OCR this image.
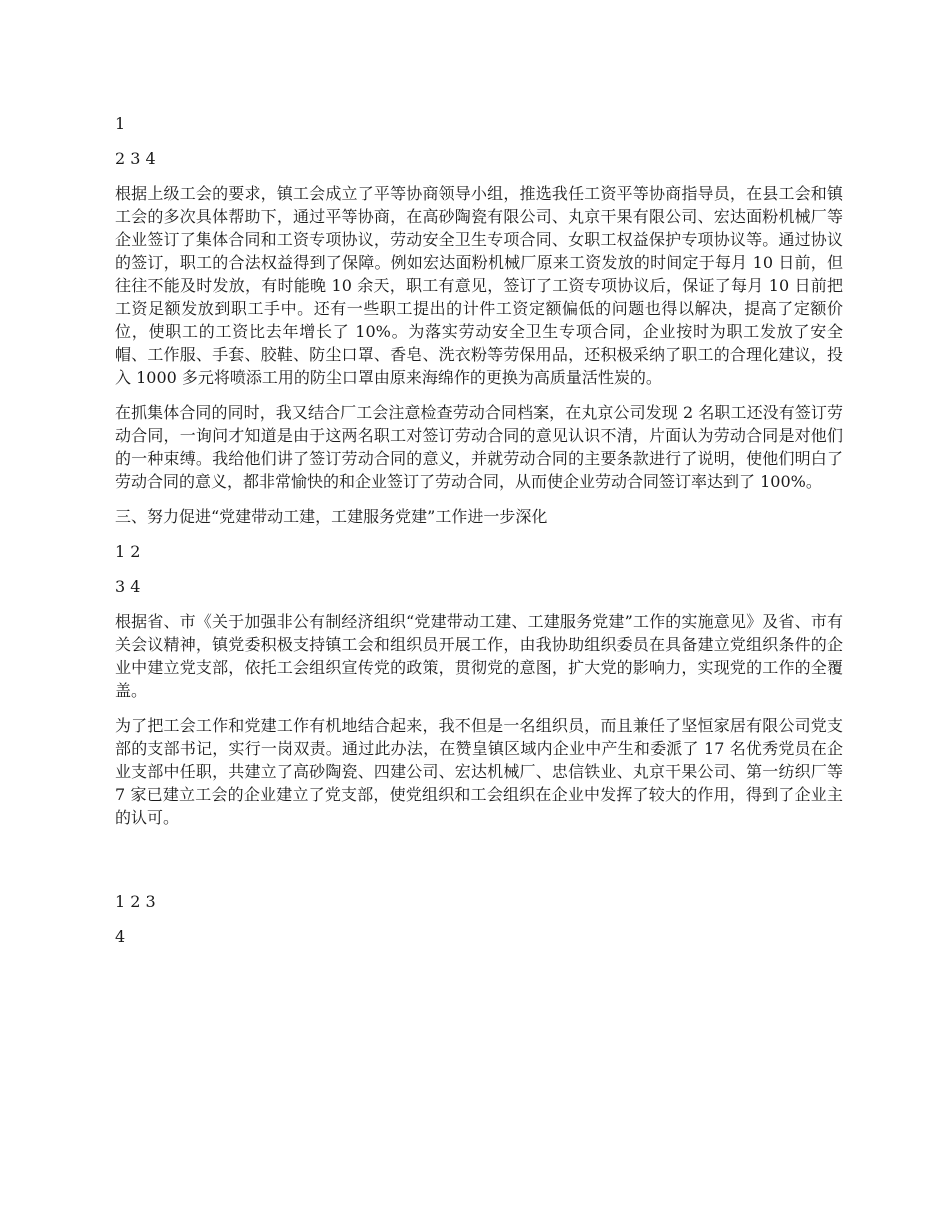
1

2 3 4

根据上级工会的要求，镇工会成立了平等协商领导小组，推选我任工资平等协商指导员，在县工会和镇工会的多次具体帮助下，通过平等协商，在高砂陶瓷有限公司、丸京干果有限公司、宏达面粉机械厂等企业签订了集体合同和工资专项协议，劳动安全卫生专项合同、女职工权益保护专项协议等。通过协议的签订，职工的合法权益得到了保障。例如宏达面粉机械厂原来工资发放的时间定于每月 10 日前，但往往不能及时发放，有时能晚 10 余天，职工有意见，签订了工资专项协议后，保证了每月 10 日前把工资足额发放到职工手中。还有一些职工提出的计件工资定额偏低的问题也得以解决，提高了定额价位，使职工的工资比去年增长了 10%。为落实劳动安全卫生专项合同，企业按时为职工发放了安全帽、工作服、手套、胶鞋、防尘口罩、香皂、洗衣粉等劳保用品，还积极采纳了职工的合理化建议，投入 1000 多元将喷添工用的防尘口罩由原来海绵作的更换为高质量活性炭的。

在抓集体合同的同时，我又结合厂工会注意检查劳动合同档案，在丸京公司发现 2 名职工还没有签订劳动合同，一询问才知道是由于这两名职工对签订劳动合同的意见认识不清，片面认为劳动合同是对他们的一种束缚。我给他们讲了签订劳动合同的意义，并就劳动合同的主要条款进行了说明，使他们明白了劳动合同的意义，都非常愉快的和企业签订了劳动合同，从而使企业劳动合同签订率达到了 100%。

三、努力促进“党建带动工建，工建服务党建”工作进一步深化

1 2

3 4

根据省、市《关于加强非公有制经济组织“党建带动工建、工建服务党建”工作的实施意见》及省、市有关会议精神，镇党委积极支持镇工会和组织员开展工作，由我协助组织委员在具备建立党组织条件的企业中建立党支部，依托工会组织宣传党的政策，贯彻党的意图，扩大党的影响力，实现党的工作的全覆盖。

为了把工会工作和党建工作有机地结合起来，我不但是一名组织员，而且兼任了坚恒家居有限公司党支部的支部书记，实行一岗双责。通过此办法，在赞皇镇区域内企业中产生和委派了 17 名优秀党员在企业支部中任职，共建立了高砂陶瓷、四建公司、宏达机械厂、忠信铁业、丸京干果公司、第一纺织厂等 7 家已建立工会的企业建立了党支部，使党组织和工会组织在企业中发挥了较大的作用，得到了企业主的认可。

1 2 3

4
